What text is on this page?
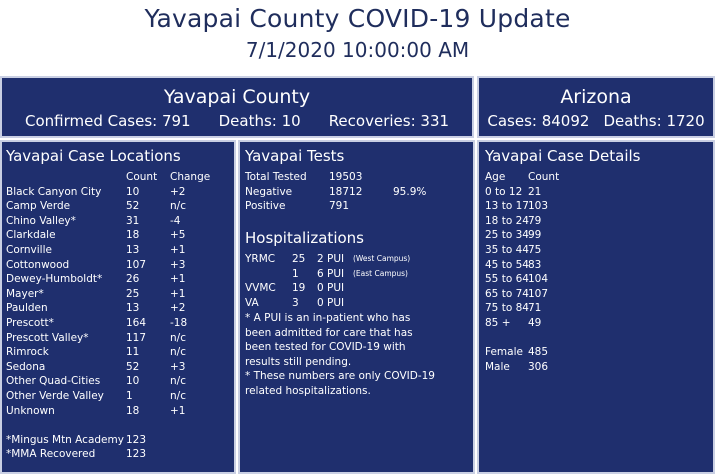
Yavapai County COVID-19 Update
7/1/2020 10:00:00 AM
Yavapai County
Confirmed Cases: 791 Deaths: 10 Recoveries: 331
Arizona
Cases: 84092 Deaths: 1720
Yavapai Case Locations
Count Change
Black Canyon City 10	+2
Camp Verde	52	n/c
Chino Valley*	31	-4
Clarkdale	18	+5
Cornville	13	+1
Cottonwood	107 +3
Dewey-Humboldt* 26	+1
Mayer*	25	+1
Paulden	13	+2
Prescott*	164 -18
Prescott Valley*	117 n/c
Rimrock	11	n/c
Sedona	52	+3
Other Quad-Cities 10	n/c
Other Verde Valley 1	n/c
Unknown	18	+1
*Mingus Mtn Academy 123
*MMA Recovered	123
Yavapai Tests
Total Tested 19503
Negative	18712	95.9%
Positive	791
Hospitalizations
YRMC 25 2 PUI (West Campus)
1 6 PUI (East Campus)
VVMC 19 0 PUI
VA	3 0 PUI
* A PUI is an in-patient who has
been admitted for care that has
been tested for COVID-19 with
results still pending.
* These numbers are only COVID-19
related hospitalizations.
Yavapai Case Details
Age Count
0 to 12 21
13 to 17 103
18 to 24 79
25 to 34 99
35 to 44 75
45 to 54 83
55 to 64 104
65 to 74 107
75 to 84 71
85 + 49
Female 485
Male 306
